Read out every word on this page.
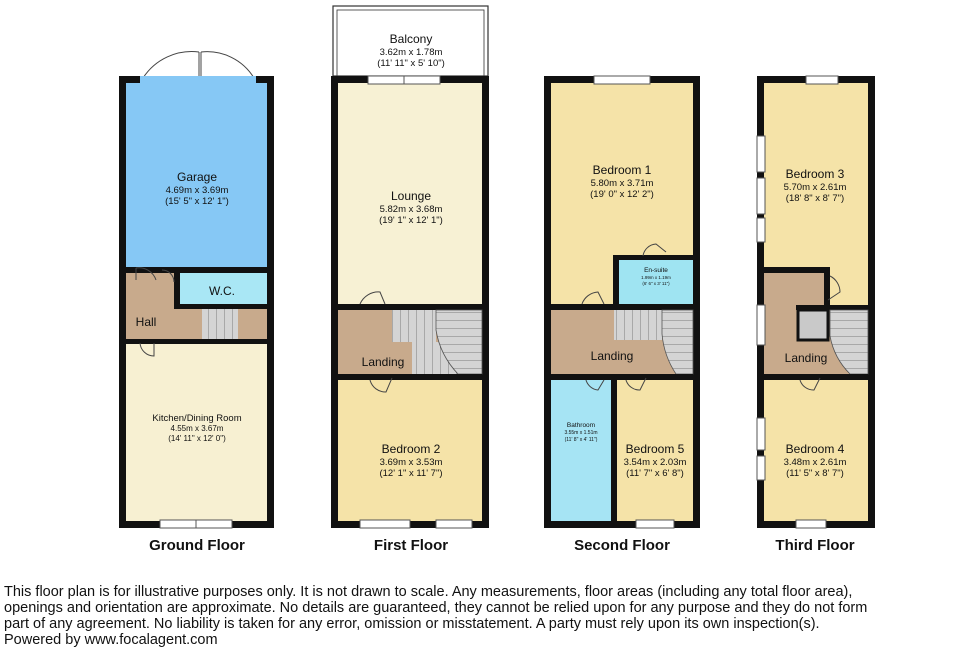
Garage
4.69m x 3.69m
(15' 5" x 12' 1")
W.C.
Hall
Kitchen/Dining Room
4.55m x 3.67m
(14' 11" x 12' 0")
Ground Floor
Balcony
3.62m x 1.78m
(11' 11" x 5' 10")
Lounge
5.82m x 3.68m
(19' 1" x 12' 1")
Landing
Bedroom 2
3.69m x 3.53m
(12' 1" x 11' 7")
First Floor
Bedroom 1
5.80m x 3.71m
(19' 0" x 12' 2")
En-suite
1.99m x 1.19m
(6' 6" x 3' 11")
Landing
Bathroom
3.55m x 1.51m
(11' 8" x 4' 11")
Bedroom 5
3.54m x 2.03m
(11' 7" x 6' 8")
Second Floor
Bedroom 3
5.70m x 2.61m
(18' 8" x 8' 7")
Landing
Bedroom 4
3.48m x 2.61m
(11' 5" x 8' 7")
Third Floor

This floor plan is for illustrative purposes only. It is not drawn to scale. Any measurements, floor areas (including any total floor area),

openings and orientation are approximate. No details are guaranteed, they cannot be relied upon for any purpose and they do not form

part of any agreement. No liability is taken for any error, omission or misstatement. A party must rely upon its own inspection(s).

Powered by www.focalagent.com
